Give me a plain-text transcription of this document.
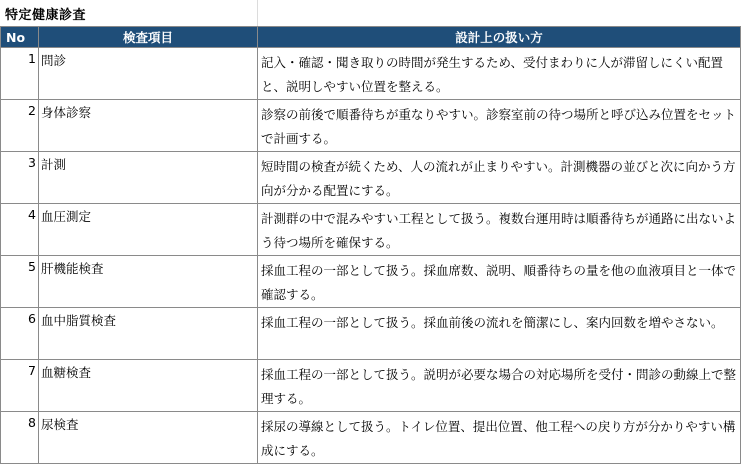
特定健康診査
No	検査項目	設計上の扱い方

1	問診	記入・確認・聞き取りの時間が発生するため、受付まわりに人が滞留しにくい配置と、説明しやすい位置を整える。

2	身体診察	診察の前後で順番待ちが重なりやすい。診察室前の待つ場所と呼び込み位置をセットで計画する。

3	計測	短時間の検査が続くため、人の流れが止まりやすい。計測機器の並びと次に向かう方向が分かる配置にする。

4	血圧測定	計測群の中で混みやすい工程として扱う。複数台運用時は順番待ちが通路に出ないよう待つ場所を確保する。

5	肝機能検査	採血工程の一部として扱う。採血席数、説明、順番待ちの量を他の血液項目と一体で確認する。

6	血中脂質検査	採血工程の一部として扱う。採血前後の流れを簡潔にし、案内回数を増やさない。

7	血糖検査	採血工程の一部として扱う。説明が必要な場合の対応場所を受付・問診の動線上で整理する。

8	尿検査	採尿の導線として扱う。トイレ位置、提出位置、他工程への戻り方が分かりやすい構成にする。
